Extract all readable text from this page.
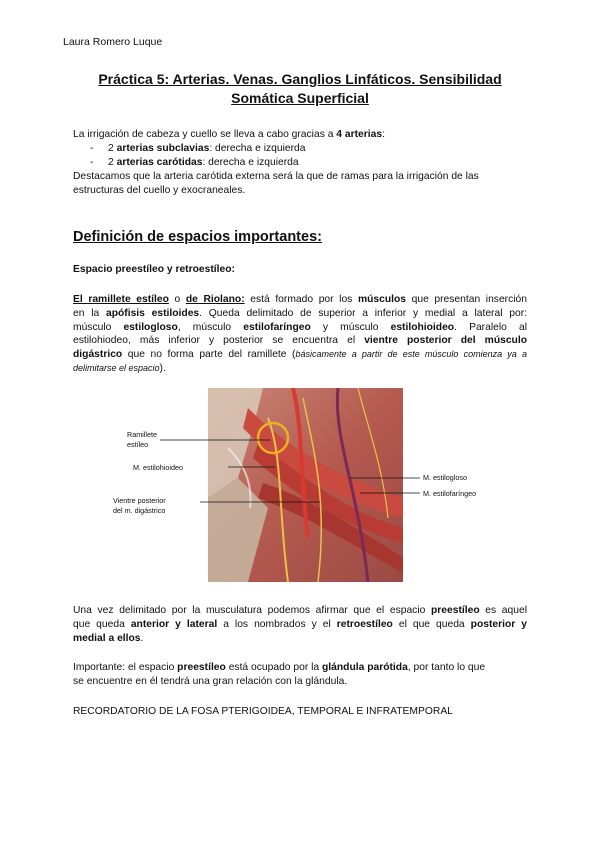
Laura Romero Luque
Práctica 5: Arterias. Venas. Ganglios Linfáticos. Sensibilidad
Somática Superficial
La irrigación de cabeza y cuello se lleva a cabo gracias a 4 arterias:
- 2 arterias subclavias: derecha e izquierda
- 2 arterias carótidas: derecha e izquierda
Destacamos que la arteria carótida externa será la que de ramas para la irrigación de las
estructuras del cuello y exocraneales.
Definición de espacios importantes:
Espacio preestíleo y retroestíleo:
El ramillete estíleo o de Riolano: está formado por los músculos que presentan inserción
en la apófisis estiloides. Queda delimitado de superior a inferior y medial a lateral por:
músculo estilogloso, músculo estilofaríngeo y músculo estilohioideo. Paralelo al
estilohiodeo, más inferior y posterior se encuentra el vientre posterior del músculo
digástrico que no forma parte del ramillete (básicamente a partir de este músculo comienza ya a
delimitarse el espacio).
Ramillete
estíleo
M. estilohioideo
Vientre posterior
del m. digástrico
M. estilogloso
M. estilofaríngeo
Una vez delimitado por la musculatura podemos afirmar que el espacio preestíleo es aquel
que queda anterior y lateral a los nombrados y el retroestíleo el que queda posterior y
medial a ellos.
Importante: el espacio preestíleo está ocupado por la glándula parótida, por tanto lo que
se encuentre en él tendrá una gran relación con la glándula.
RECORDATORIO DE LA FOSA PTERIGOIDEA, TEMPORAL E INFRATEMPORAL
